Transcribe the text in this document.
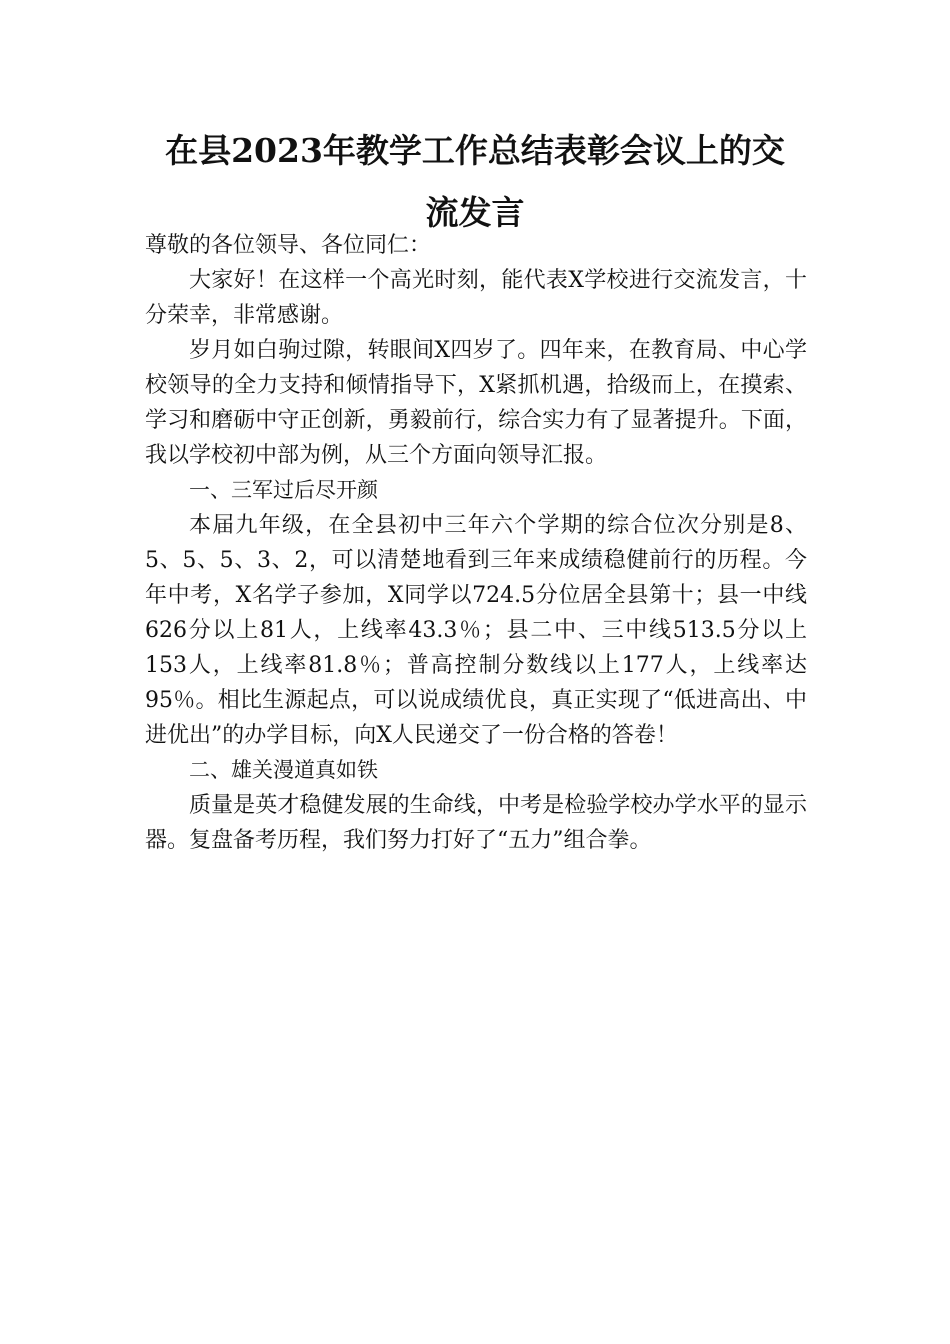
在县2023年教学工作总结表彰会议上的交
流发言

尊敬的各位领导、各位同仁：

大家好！在这样一个高光时刻，能代表X学校进行交流发言，十分荣幸，非常感谢。

岁月如白驹过隙，转眼间X四岁了。四年来，在教育局、中心学校领导的全力支持和倾情指导下，X紧抓机遇，拾级而上，在摸索、学习和磨砺中守正创新，勇毅前行，综合实力有了显著提升。下面，我以学校初中部为例，从三个方面向领导汇报。

一、三军过后尽开颜

本届九年级，在全县初中三年六个学期的综合位次分别是8、5、5、5、3、2，可以清楚地看到三年来成绩稳健前行的历程。今年中考，X名学子参加，X同学以724.5分位居全县第十；县一中线626分以上81人，上线率43.3％；县二中、三中线513.5分以上153人，上线率81.8％；普高控制分数线以上177人，上线率达95％。相比生源起点，可以说成绩优良，真正实现了“低进高出、中进优出”的办学目标，向X人民递交了一份合格的答卷！

二、雄关漫道真如铁

质量是英才稳健发展的生命线，中考是检验学校办学水平的显示器。复盘备考历程，我们努力打好了“五力”组合拳。
